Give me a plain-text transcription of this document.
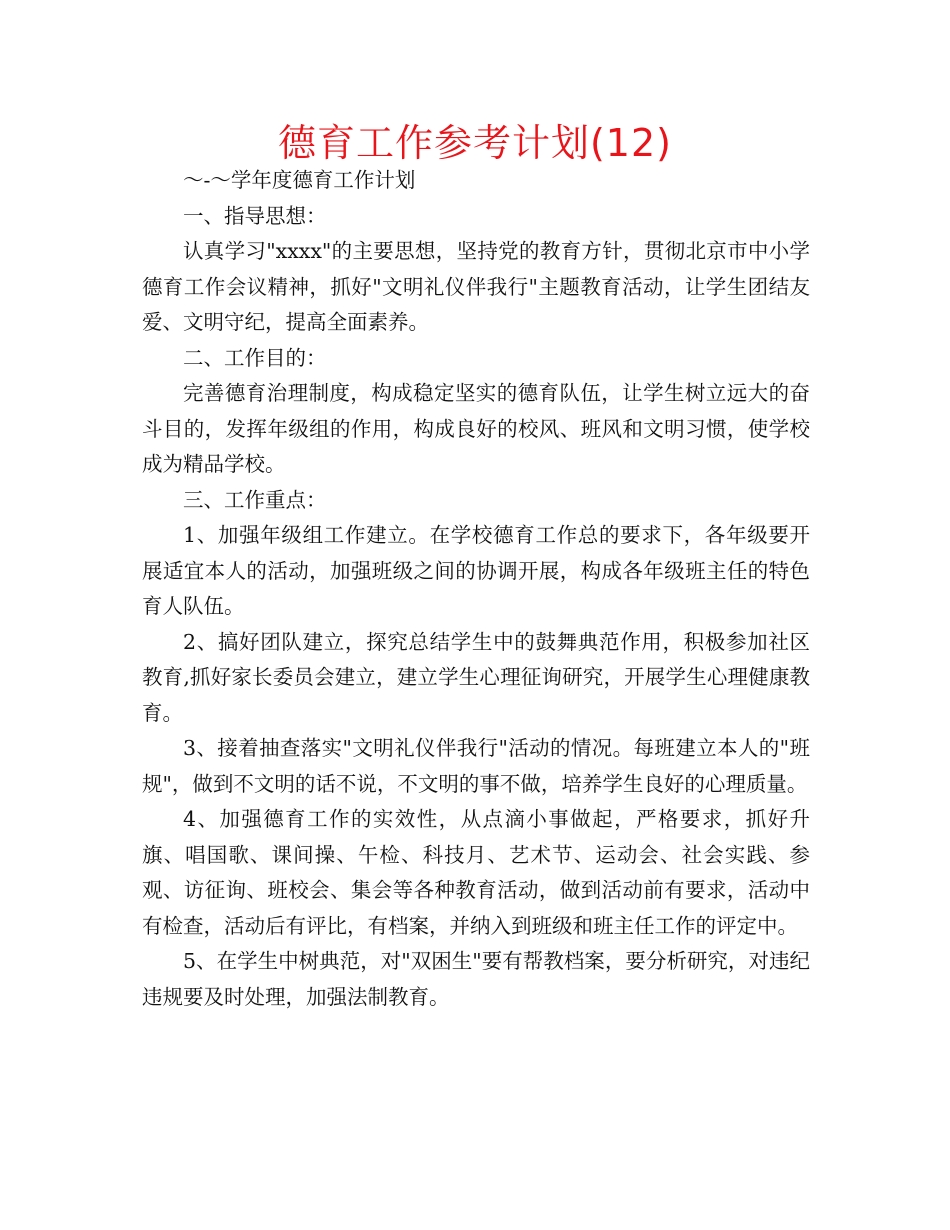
德育工作参考计划(12)

～-～学年度德育工作计划

一、指导思想：

认真学习"xxxx"的主要思想，坚持党的教育方针，贯彻北京市中小学德育工作会议精神，抓好"文明礼仪伴我行"主题教育活动，让学生团结友爱、文明守纪，提高全面素养。

二、工作目的：

完善德育治理制度，构成稳定坚实的德育队伍，让学生树立远大的奋斗目的，发挥年级组的作用，构成良好的校风、班风和文明习惯，使学校成为精品学校。

三、工作重点：

1、加强年级组工作建立。在学校德育工作总的要求下，各年级要开展适宜本人的活动，加强班级之间的协调开展，构成各年级班主任的特色育人队伍。

2、搞好团队建立，探究总结学生中的鼓舞典范作用，积极参加社区教育,抓好家长委员会建立，建立学生心理征询研究，开展学生心理健康教育。

3、接着抽查落实"文明礼仪伴我行"活动的情况。每班建立本人的"班规"，做到不文明的话不说，不文明的事不做，培养学生良好的心理质量。

4、加强德育工作的实效性，从点滴小事做起，严格要求，抓好升旗、唱国歌、课间操、午检、科技月、艺术节、运动会、社会实践、参观、访征询、班校会、集会等各种教育活动，做到活动前有要求，活动中有检查，活动后有评比，有档案，并纳入到班级和班主任工作的评定中。

5、在学生中树典范，对"双困生"要有帮教档案，要分析研究，对违纪违规要及时处理，加强法制教育。
